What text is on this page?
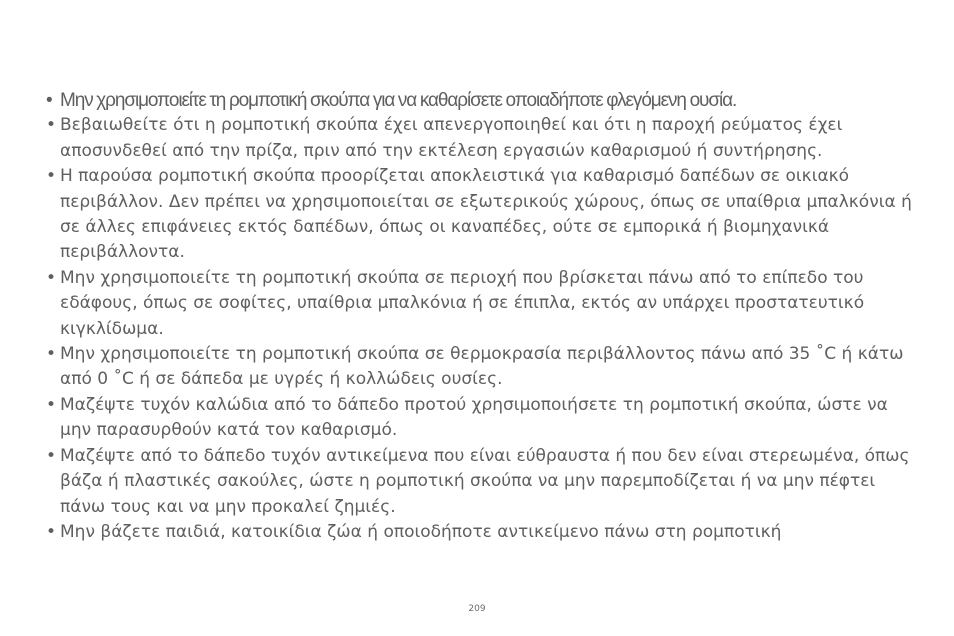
• Μην χρησιμοποιείτε τη ρομποτική σκούπα για να καθαρίσετε οποιαδήποτε φλεγόμενη ουσία.
• Βεβαιωθείτε ότι η ρομποτική σκούπα έχει απενεργοποιηθεί και ότι η παροχή ρεύματος έχει αποσυνδεθεί από την πρίζα, πριν από την εκτέλεση εργασιών καθαρισμού ή συντήρησης.
• Η παρούσα ρομποτική σκούπα προορίζεται αποκλειστικά για καθαρισμό δαπέδων σε οικιακό περιβάλλον. Δεν πρέπει να χρησιμοποιείται σε εξωτερικούς χώρους, όπως σε υπαίθρια μπαλκόνια ή σε άλλες επιφάνειες εκτός δαπέδων, όπως οι καναπέδες, ούτε σε εμπορικά ή βιομηχανικά περιβάλλοντα.
• Μην χρησιμοποιείτε τη ρομποτική σκούπα σε περιοχή που βρίσκεται πάνω από το επίπεδο του εδάφους, όπως σε σοφίτες, υπαίθρια μπαλκόνια ή σε έπιπλα, εκτός αν υπάρχει προστατευτικό κιγκλίδωμα.
• Μην χρησιμοποιείτε τη ρομποτική σκούπα σε θερμοκρασία περιβάλλοντος πάνω από 35 ˚C ή κάτω από 0 ˚C ή σε δάπεδα με υγρές ή κολλώδεις ουσίες.
• Μαζέψτε τυχόν καλώδια από το δάπεδο προτού χρησιμοποιήσετε τη ρομποτική σκούπα, ώστε να μην παρασυρθούν κατά τον καθαρισμό.
• Μαζέψτε από το δάπεδο τυχόν αντικείμενα που είναι εύθραυστα ή που δεν είναι στερεωμένα, όπως βάζα ή πλαστικές σακούλες, ώστε η ρομποτική σκούπα να μην παρεμποδίζεται ή να μην πέφτει πάνω τους και να μην προκαλεί ζημιές.
• Μην βάζετε παιδιά, κατοικίδια ζώα ή οποιοδήποτε αντικείμενο πάνω στη ρομποτική
209
